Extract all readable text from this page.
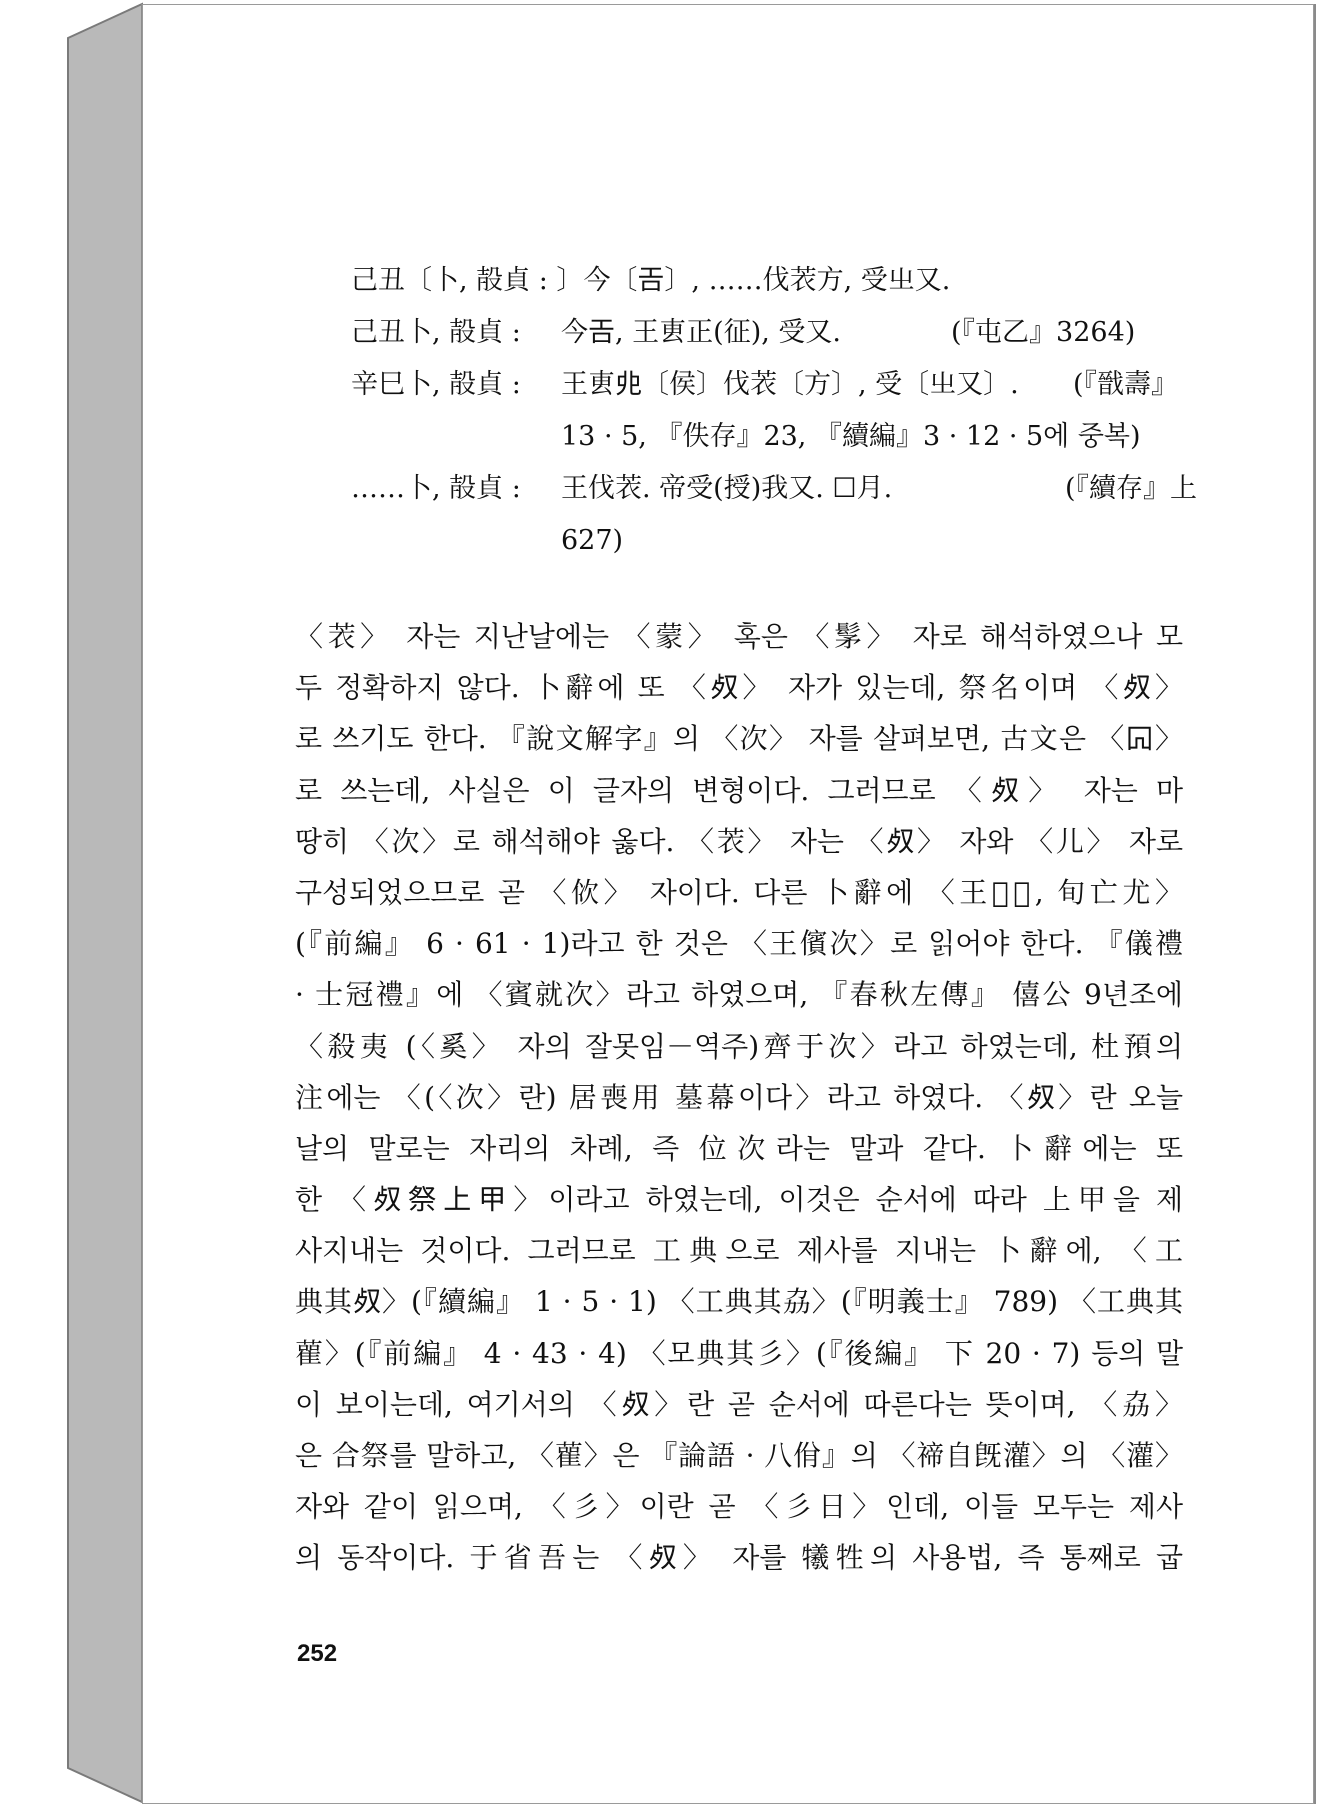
己丑〔卜, 㱿貞 : 〕今〔𢀛〕, ……伐䒾方, 受㞢又.
己丑卜, 㱿貞 : 今𢀛, 王叀正(征), 受又.	(『屯乙』3264)
辛巳卜, 㱿貞 : 王叀𠑹〔侯〕伐䒾〔方〕, 受〔㞢又〕.	(『戩壽』
13 · 5, 『佚存』23, 『續編』3 · 12 · 5에 중복)
……卜, 㱿貞 : 王伐䒾. 帝受(授)我又. ☐月.	(『續存』上
627)
〈䒾〉 자는 지난날에는 〈蒙〉 혹은 〈髳〉 자로 해석하였으나 모
두 정확하지 않다. 卜辭에 또 〈𣦼〉 자가 있는데, 祭名이며 〈𣦼〉
로 쓰기도 한다. 『說文解字』의 〈次〉 자를 살펴보면, 古文은 〈𠕄〉
로 쓰는데, 사실은 이 글자의 변형이다. 그러므로 〈𣦼〉 자는 마
땅히 〈次〉로 해석해야 옳다. 〈䒾〉 자는 〈𣦼〉 자와 〈儿〉 자로
구성되었으므로 곧 〈佽〉 자이다. 다른 卜辭에 〈王𡧊𣦼, 旬亡尤〉
(『前編』 6 · 61 · 1)라고 한 것은 〈王儐次〉로 읽어야 한다. 『儀禮
· 士冠禮』에 〈賓就次〉라고 하였으며, 『春秋左傳』 僖公 9년조에
〈殺夷 (〈奚〉 자의 잘못임－역주)齊于次〉라고 하였는데, 杜預의
注에는 〈(〈次〉란) 居喪用 墓幕이다〉라고 하였다. 〈𣦼〉란 오늘
날의 말로는 자리의 차례, 즉 位次라는 말과 같다. 卜辭에는 또
한 〈𣦼祭上甲〉이라고 하였는데, 이것은 순서에 따라 上甲을 제
사지내는 것이다. 그러므로 工典으로 제사를 지내는 卜辭에, 〈工
典其𣦼〉(『續編』 1 · 5 · 1) 〈工典其劦〉(『明義士』 789) 〈工典其
雚〉(『前編』 4 · 43 · 4) 〈모典其彡〉(『後編』 下 20 · 7) 등의 말
이 보이는데, 여기서의 〈𣦼〉란 곧 순서에 따른다는 뜻이며, 〈劦〉
은 合祭를 말하고, 〈雚〉은 『論語 · 八佾』의 〈禘自旣灌〉의 〈灌〉
자와 같이 읽으며, 〈彡〉이란 곧 〈彡日〉인데, 이들 모두는 제사
의 동작이다. 于省吾는 〈𣦼〉 자를 犧牲의 사용법, 즉 통째로 굽
252
